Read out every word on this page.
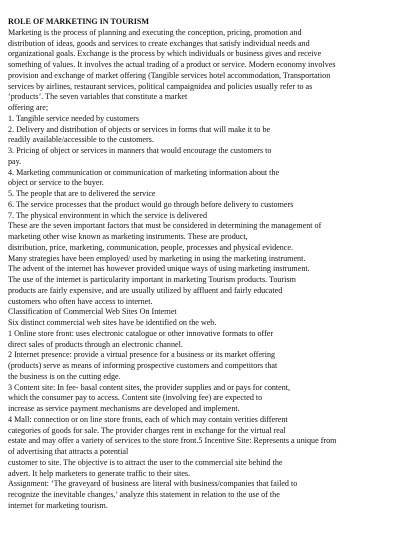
ROLE OF MARKETING IN TOURISM
Marketing is the process of planning and executing the conception, pricing, promotion and
distribution of ideas, goods and services to create exchanges that satisfy individual needs and
organizational goals. Exchange is the process by which individuals or business gives and receive
something of values. It involves the actual trading of a product or service. Modern economy involves
provision and exchange of market offering (Tangible services hotel accommodation, Transportation
services by airlines, restaurant services, political campaignidea and policies usually refer to as
‘products’. The seven variables that constitute a market
offering are;
1. Tangible service needed by customers
2. Delivery and distribution of objects or services in forms that will make it to be
readily available/accessible to the customers.
3. Pricing of object or services in manners that would encourage the customers to
pay.
4. Marketing communication or communication of marketing information about the
object or service to the buyer.
5. The people that are to delivered the service
6. The service processes that the product would go through before delivery to customers
7. The physical environment in which the service is delivered
These are the seven important factors that must be considered in determining the management of
marketing other wise known as marketing instruments. These are product,
distribution, price, marketing, communication, people, processes and physical evidence.
Many strategies have been employed/ used by marketing in using the marketing instrument.
The advent of the internet has however provided unique ways of using marketing instrument.
The use of the internet is particularity important in marketing Tourism products. Tourism
products are fairly expensive, and are usually utilized by affluent and fairly educated
customers who often have access to internet.
Classification of Commercial Web Sites On Internet
Six distinct commercial web sites have be identified on the web.
1 Online store front: uses electronic catalogue or other innovative formats to offer
direct sales of products through an electronic channel.
2 Internet presence: provide a virtual presence for a business or its market offering
(products) serve as means of informing prospective customers and competitors that
the business is on the cutting edge.
3 Content site: In fee- basal content sites, the provider supplies and or pays for content,
which the consumer pay to access. Content site (involving fee) are expected to
increase as service payment mechanisms are developed and implement.
4 Mall: connection or on line store fronts, each of which may contain verities different
categories of goods for sale. The provider charges rent in exchange for the virtual real
estate and may offer a variety of services to the store front.5 Incentive Site: Represents a unique from
of advertising that attracts a potential
customer to site. The objective is to attract the user to the commercial site behind the
advert. It help marketers to generate traffic to their sites.
Assignment: ‘The graveyard of business are literal with business/companies that failed to
recognize the inevitable changes,’ analyze this statement in relation to the use of the
internet for marketing tourism.
